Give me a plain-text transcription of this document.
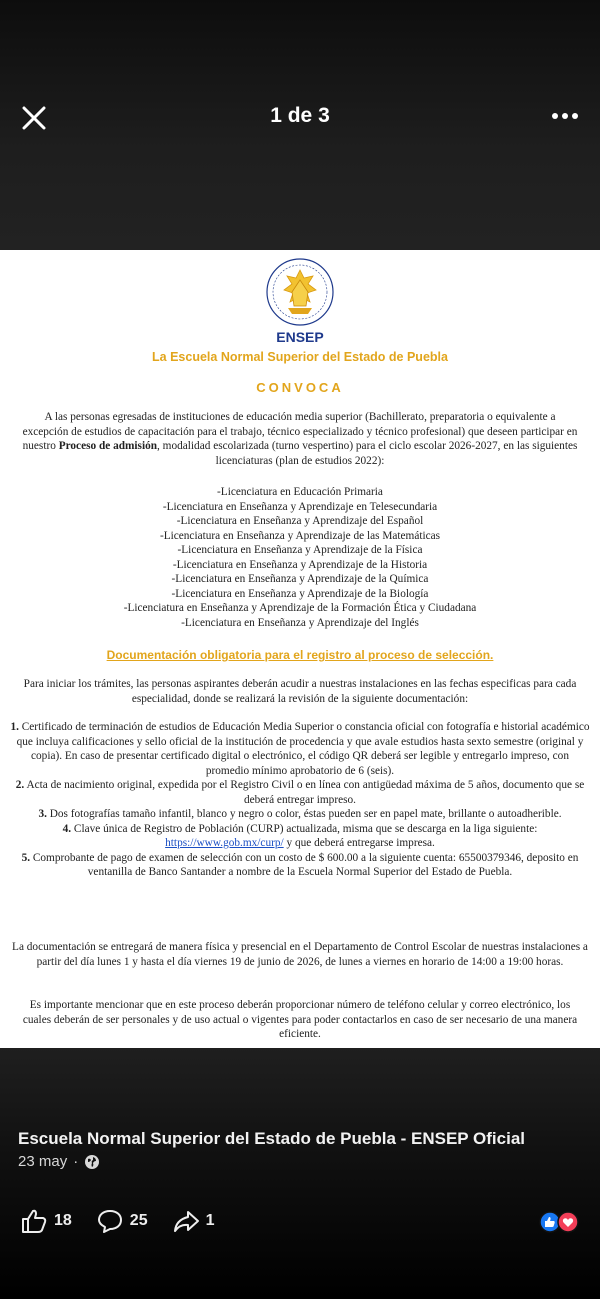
1 de 3
ENSEP
La Escuela Normal Superior del Estado de Puebla
CONVOCA

A las personas egresadas de instituciones de educación media superior (Bachillerato, preparatoria o equivalente a excepción de estudios de capacitación para el trabajo, técnico especializado y técnico profesional) que deseen participar en nuestro Proceso de admisión, modalidad escolarizada (turno vespertino) para el ciclo escolar 2026-2027, en las siguientes licenciaturas (plan de estudios 2022):

-Licenciatura en Educación Primaria
-Licenciatura en Enseñanza y Aprendizaje en Telesecundaria
-Licenciatura en Enseñanza y Aprendizaje del Español
-Licenciatura en Enseñanza y Aprendizaje de las Matemáticas
-Licenciatura en Enseñanza y Aprendizaje de la Física
-Licenciatura en Enseñanza y Aprendizaje de la Historia
-Licenciatura en Enseñanza y Aprendizaje de la Química
-Licenciatura en Enseñanza y Aprendizaje de la Biología
-Licenciatura en Enseñanza y Aprendizaje de la Formación Ética y Ciudadana
-Licenciatura en Enseñanza y Aprendizaje del Inglés
Documentación obligatoria para el registro al proceso de selección.

Para iniciar los trámites, las personas aspirantes deberán acudir a nuestras instalaciones en las fechas especificas para cada especialidad, donde se realizará la revisión de la siguiente documentación:

1. Certificado de terminación de estudios de Educación Media Superior o constancia oficial con fotografía e historial académico que incluya calificaciones y sello oficial de la institución de procedencia y que avale estudios hasta sexto semestre (original y copia). En caso de presentar certificado digital o electrónico, el código QR deberá ser legible y entregarlo impreso, con promedio mínimo aprobatorio de 6 (seis).
2. Acta de nacimiento original, expedida por el Registro Civil o en línea con antigüedad máxima de 5 años, documento que se deberá entregar impreso.
3. Dos fotografías tamaño infantil, blanco y negro o color, éstas pueden ser en papel mate, brillante o autoadherible.
4. Clave única de Registro de Población (CURP) actualizada, misma que se descarga en la liga siguiente: https://www.gob.mx/curp/ y que deberá entregarse impresa.
5. Comprobante de pago de examen de selección con un costo de $ 600.00 a la siguiente cuenta: 65500379346, deposito en ventanilla de Banco Santander a nombre de la Escuela Normal Superior del Estado de Puebla.

La documentación se entregará de manera física y presencial en el Departamento de Control Escolar de nuestras instalaciones a partir del día lunes 1 y hasta el día viernes 19 de junio de 2026, de lunes a viernes en horario de 14:00 a 19:00 horas.

Es importante mencionar que en este proceso deberán proporcionar número de teléfono celular y correo electrónico, los cuales deberán de ser personales y de uso actual o vigentes para poder contactarlos en caso de ser necesario de una manera eficiente.

Escuela Normal Superior del Estado de Puebla - ENSEP Oficial
23 may ·
18	25	1
